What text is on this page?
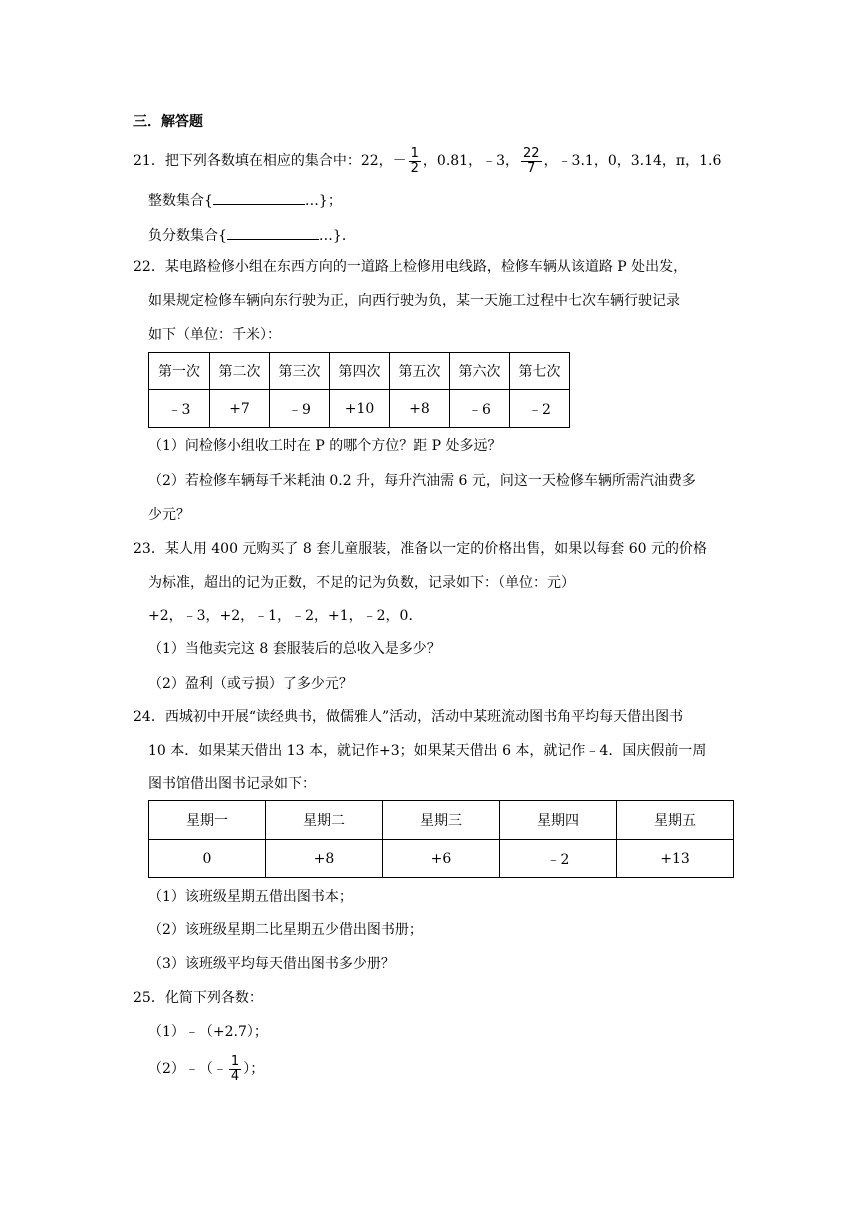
三．解答题
21．把下列各数填在相应的集合中：22，－ $\frac{1}{2}$ ，0.81，﹣3， $\frac{22}{7}$ ，﹣3.1，0，3.14，π，1.6
整数集合{	…}；
负分数集合{	…}．
22．某电路检修小组在东西方向的一道路上检修用电线路，检修车辆从该道路 P 处出发，
如果规定检修车辆向东行驶为正，向西行驶为负，某一天施工过程中七次车辆行驶记录
如下（单位：千米）：
第一次	第二次	第三次	第四次	第五次	第六次	第七次
﹣3	+7	﹣9	+10	+8	﹣6	﹣2
（1）问检修小组收工时在 P 的哪个方位？距 P 处多远？
（2）若检修车辆每千米耗油 0.2 升，每升汽油需 6 元，问这一天检修车辆所需汽油费多
少元？
23．某人用 400 元购买了 8 套儿童服装，准备以一定的价格出售，如果以每套 60 元的价格
为标准，超出的记为正数，不足的记为负数，记录如下：（单位：元）
+2，﹣3，+2，﹣1，﹣2，+1，﹣2，0．
（1）当他卖完这 8 套服装后的总收入是多少？
（2）盈利（或亏损）了多少元？
24．西城初中开展“读经典书，做儒雅人”活动，活动中某班流动图书角平均每天借出图书
10 本．如果某天借出 13 本，就记作+3；如果某天借出 6 本，就记作﹣4．国庆假前一周
图书馆借出图书记录如下：
星期一	星期二	星期三	星期四	星期五
0	+8	+6	﹣2	+13
（1）该班级星期五借出图书本；
（2）该班级星期二比星期五少借出图书册；
（3）该班级平均每天借出图书多少册？
25．化简下列各数：
（1）﹣（+2.7）；
（2）﹣（﹣ $\frac{1}{4}$ ）；
